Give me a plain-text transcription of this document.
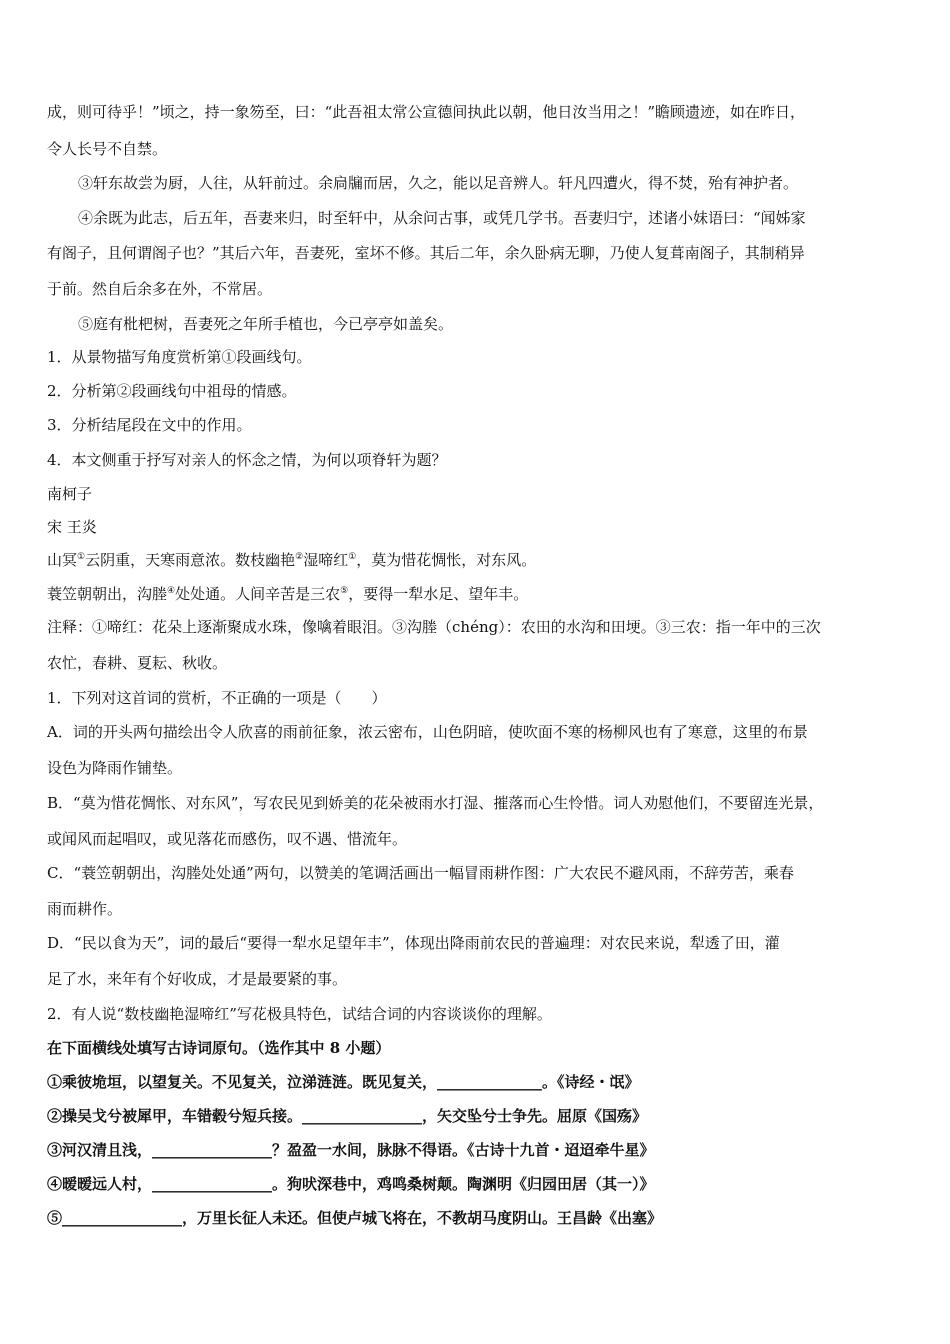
成，则可待乎！”顷之，持一象笏至，曰：“此吾祖太常公宣德间执此以朝，他日汝当用之！”瞻顾遗迹，如在昨日，
令人长号不自禁。
③轩东故尝为厨，人往，从轩前过。余扃牖而居，久之，能以足音辨人。轩凡四遭火，得不焚，殆有神护者。
④余既为此志，后五年，吾妻来归，时至轩中，从余问古事，或凭几学书。吾妻归宁，述诸小妹语曰：“闻姊家
有阁子，且何谓阁子也？”其后六年，吾妻死，室坏不修。其后二年，余久卧病无聊，乃使人复葺南阁子，其制稍异
于前。然自后余多在外，不常居。
⑤庭有枇杷树，吾妻死之年所手植也，今已亭亭如盖矣。
1．从景物描写角度赏析第①段画线句。
2．分析第②段画线句中祖母的情感。
3．分析结尾段在文中的作用。
4．本文侧重于抒写对亲人的怀念之情，为何以项脊轩为题？
南柯子
宋 王炎
山冥①云阴重，天寒雨意浓。数枝幽艳②湿啼红①，莫为惜花惆怅，对东风。
蓑笠朝朝出，沟塍④处处通。人间辛苦是三农⑤，要得一犁水足、望年丰。
注释：①啼红：花朵上逐渐聚成水珠，像噙着眼泪。③沟塍（chéng）：农田的水沟和田埂。③三农：指一年中的三次
农忙，春耕、夏耘、秋收。
1．下列对这首词的赏析，不正确的一项是（　　）
A．词的开头两句描绘出令人欣喜的雨前征象，浓云密布，山色阴暗，使吹面不寒的杨柳风也有了寒意，这里的布景
设色为降雨作铺垫。
B．“莫为惜花惆怅、对东风”，写农民见到娇美的花朵被雨水打湿、摧落而心生怜惜。词人劝慰他们，不要留连光景，
或闻风而起唱叹，或见落花而感伤，叹不遇、惜流年。
C．“蓑笠朝朝出，沟塍处处通”两句，以赞美的笔调活画出一幅冒雨耕作图：广大农民不避风雨，不辞劳苦，乘春
雨而耕作。
D．“民以食为天”，词的最后“要得一犁水足望年丰”，体现出降雨前农民的普遍理：对农民来说，犁透了田，灌
足了水，来年有个好收成，才是最要紧的事。
2．有人说“数枝幽艳湿啼红”写花极具特色，试结合词的内容谈谈你的理解。
在下面横线处填写古诗词原句。（选作其中 8 小题）
①乘彼垝垣，以望复关。不见复关，泣涕涟涟。既见复关，______________。《诗经・氓》
②操吴戈兮被犀甲，车错毂兮短兵接。________________，矢交坠兮士争先。屈原《国殇》
③河汉清且浅，________________？盈盈一水间，脉脉不得语。《古诗十九首・迢迢牵牛星》
④暧暧远人村，________________。狗吠深巷中，鸡鸣桑树颠。陶渊明《归园田居（其一）》
⑤________________，万里长征人未还。但使卢城飞将在，不教胡马度阴山。王昌龄《出塞》
